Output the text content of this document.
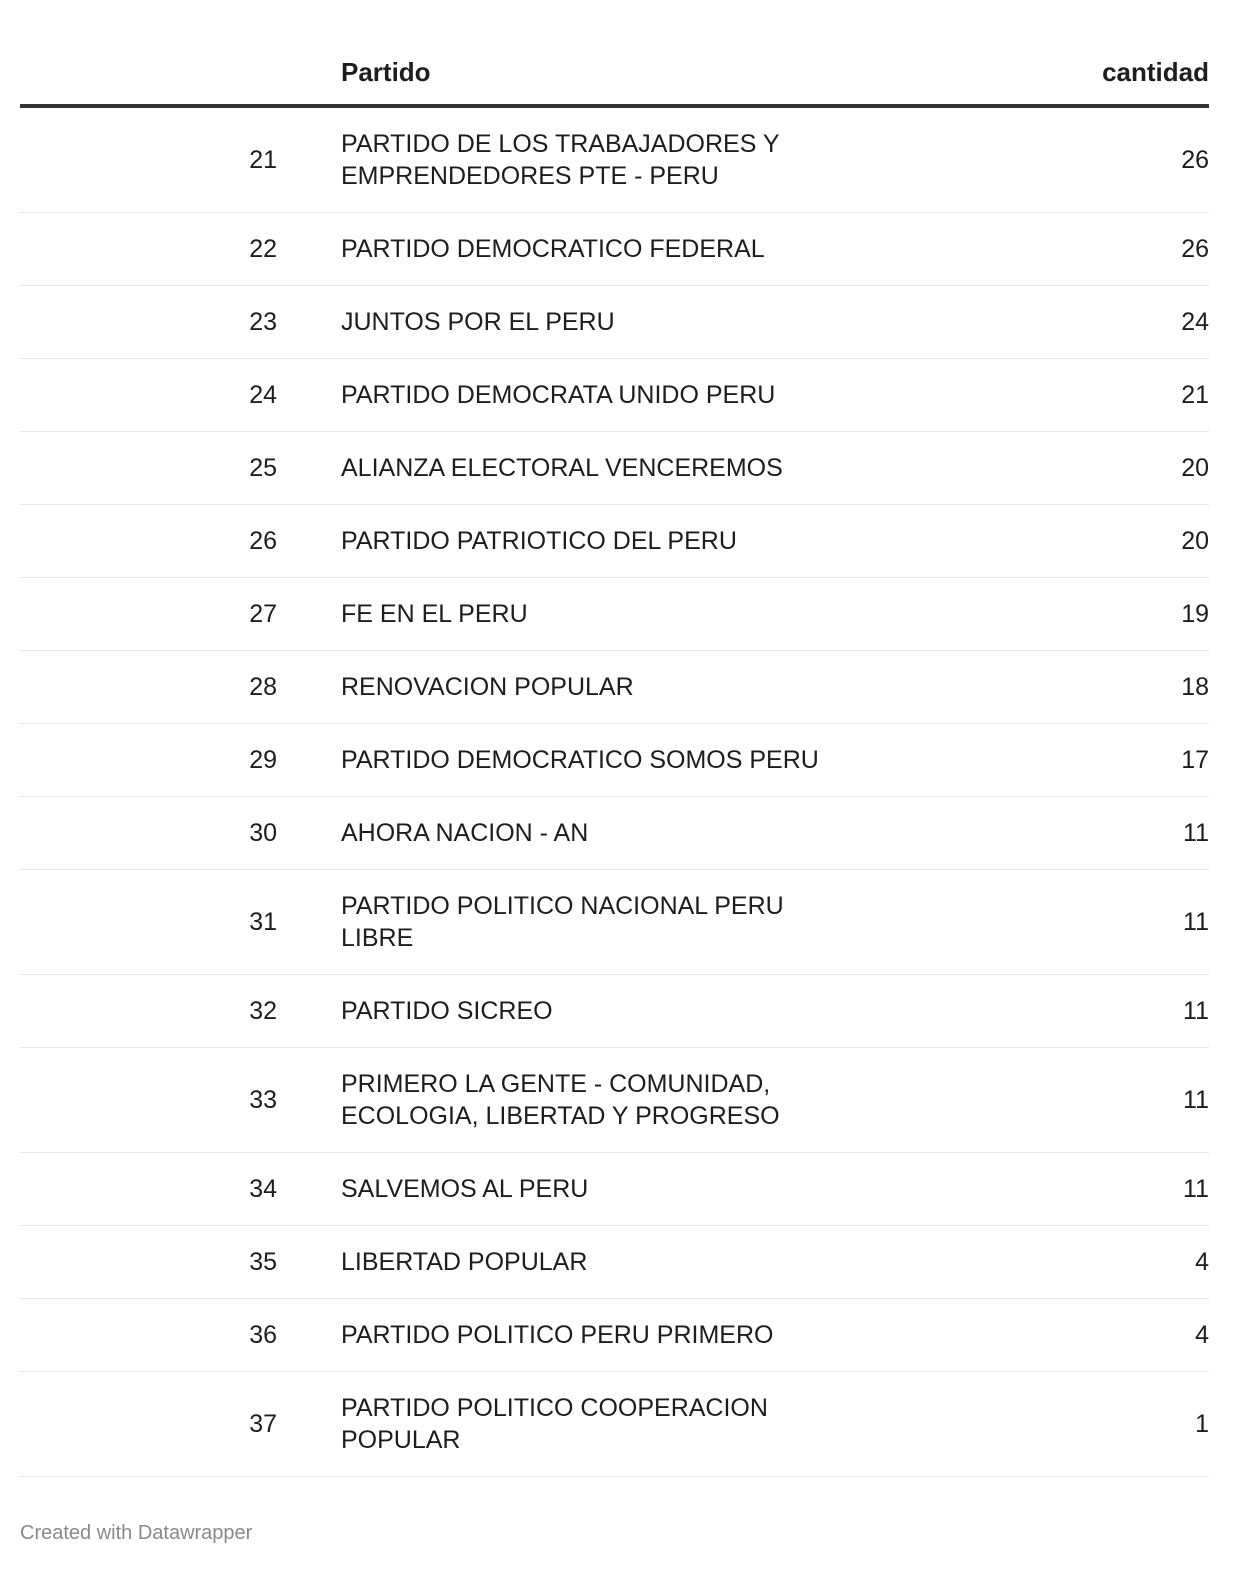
	Partido	cantidad
21	PARTIDO DE LOS TRABAJADORES Y EMPRENDEDORES PTE - PERU	26
22	PARTIDO DEMOCRATICO FEDERAL	26
23	JUNTOS POR EL PERU	24
24	PARTIDO DEMOCRATA UNIDO PERU	21
25	ALIANZA ELECTORAL VENCEREMOS	20
26	PARTIDO PATRIOTICO DEL PERU	20
27	FE EN EL PERU	19
28	RENOVACION POPULAR	18
29	PARTIDO DEMOCRATICO SOMOS PERU	17
30	AHORA NACION - AN	11
31	PARTIDO POLITICO NACIONAL PERU LIBRE	11
32	PARTIDO SICREO	11
33	PRIMERO LA GENTE - COMUNIDAD, ECOLOGIA, LIBERTAD Y PROGRESO	11
34	SALVEMOS AL PERU	11
35	LIBERTAD POPULAR	4
36	PARTIDO POLITICO PERU PRIMERO	4
37	PARTIDO POLITICO COOPERACION POPULAR	1
Created with Datawrapper
